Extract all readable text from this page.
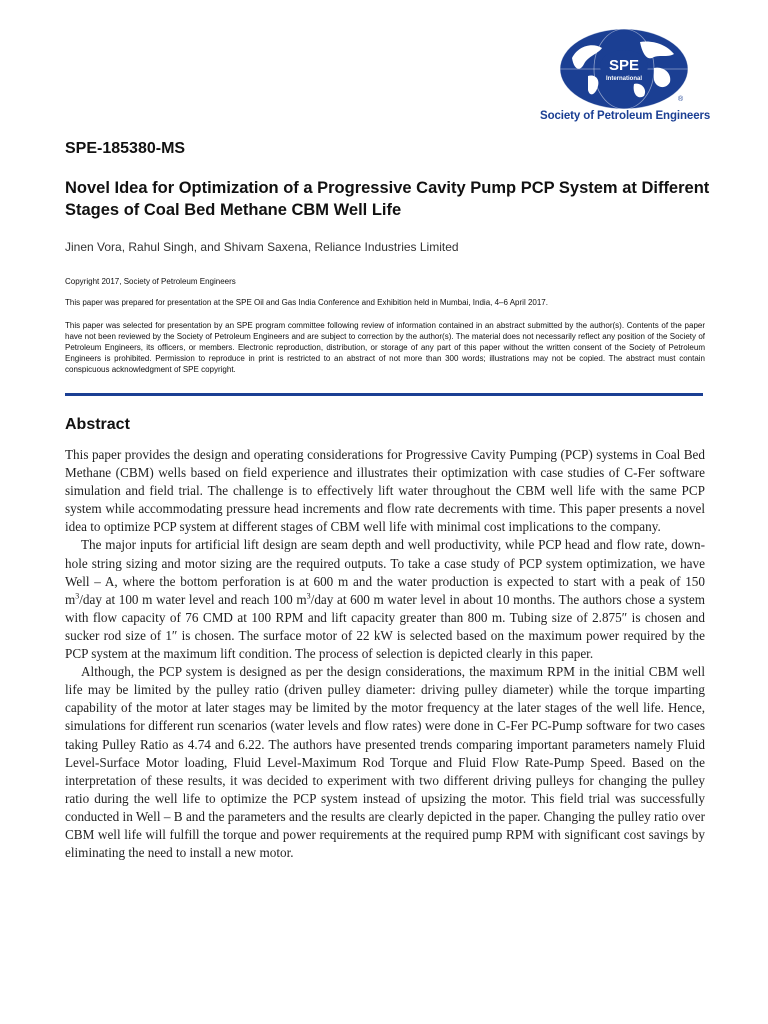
SPE
International
®
Society of Petroleum Engineers
SPE-185380-MS
Novel Idea for Optimization of a Progressive Cavity Pump PCP System at Different Stages of Coal Bed Methane CBM Well Life
Jinen Vora, Rahul Singh, and Shivam Saxena, Reliance Industries Limited
Copyright 2017, Society of Petroleum Engineers
This paper was prepared for presentation at the SPE Oil and Gas India Conference and Exhibition held in Mumbai, India, 4–6 April 2017.

This paper was selected for presentation by an SPE program committee following review of information contained in an abstract submitted by the author(s). Contents of the paper have not been reviewed by the Society of Petroleum Engineers and are subject to correction by the author(s). The material does not necessarily reflect any position of the Society of Petroleum Engineers, its officers, or members. Electronic reproduction, distribution, or storage of any part of this paper without the written consent of the Society of Petroleum Engineers is prohibited. Permission to reproduce in print is restricted to an abstract of not more than 300 words; illustrations may not be copied. The abstract must contain conspicuous acknowledgment of SPE copyright.

Abstract

This paper provides the design and operating considerations for Progressive Cavity Pumping (PCP) systems in Coal Bed Methane (CBM) wells based on field experience and illustrates their optimization with case studies of C-Fer software simulation and field trial. The challenge is to effectively lift water throughout the CBM well life with the same PCP system while accommodating pressure head increments and flow rate decrements with time. This paper presents a novel idea to optimize PCP system at different stages of CBM well life with minimal cost implications to the company.

The major inputs for artificial lift design are seam depth and well productivity, while PCP head and flow rate, down-hole string sizing and motor sizing are the required outputs. To take a case study of PCP system optimization, we have Well – A, where the bottom perforation is at 600 m and the water production is expected to start with a peak of 150 $m^3$/day at 100 m water level and reach 100 $m^3$/day at 600 m water level in about 10 months. The authors chose a system with flow capacity of 76 CMD at 100 RPM and lift capacity greater than 800 m. Tubing size of 2.875″ is chosen and sucker rod size of 1″ is chosen. The surface motor of 22 kW is selected based on the maximum power required by the PCP system at the maximum lift condition. The process of selection is depicted clearly in this paper.

Although, the PCP system is designed as per the design considerations, the maximum RPM in the initial CBM well life may be limited by the pulley ratio (driven pulley diameter: driving pulley diameter) while the torque imparting capability of the motor at later stages may be limited by the motor frequency at the later stages of the well life. Hence, simulations for different run scenarios (water levels and flow rates) were done in C-Fer PC-Pump software for two cases taking Pulley Ratio as 4.74 and 6.22. The authors have presented trends comparing important parameters namely Fluid Level-Surface Motor loading, Fluid Level-Maximum Rod Torque and Fluid Flow Rate-Pump Speed. Based on the interpretation of these results, it was decided to experiment with two different driving pulleys for changing the pulley ratio during the well life to optimize the PCP system instead of upsizing the motor. This field trial was successfully conducted in Well – B and the parameters and the results are clearly depicted in the paper. Changing the pulley ratio over CBM well life will fulfill the torque and power requirements at the required pump RPM with significant cost savings by eliminating the need to install a new motor.
